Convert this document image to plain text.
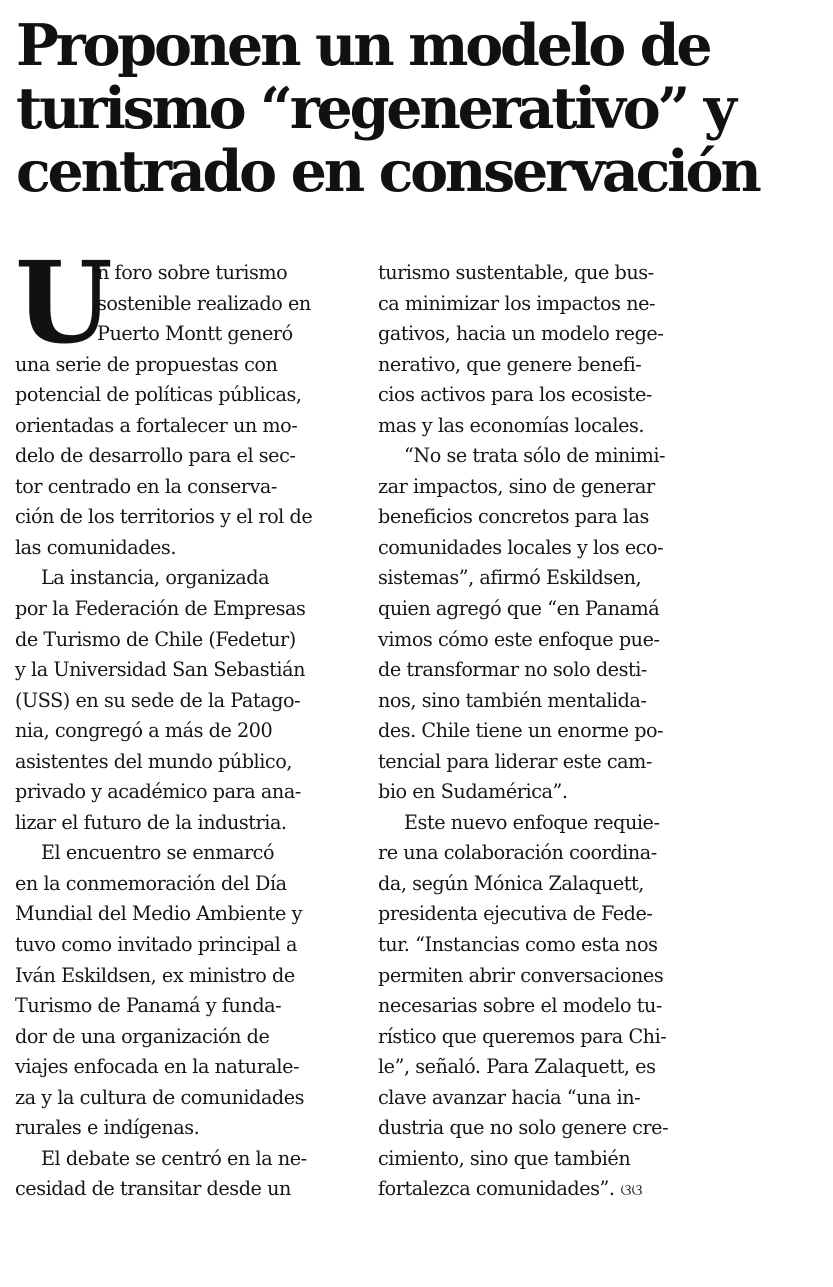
Proponen un modelo de
turismo “regenerativo” y
centrado en conservación
U
n foro sobre turismo
sostenible realizado en
Puerto Montt generó
una serie de propuestas con
potencial de políticas públicas,
orientadas a fortalecer un mo-
delo de desarrollo para el sec-
tor centrado en la conserva-
ción de los territorios y el rol de
las comunidades.
La instancia, organizada
por la Federación de Empresas
de Turismo de Chile (Fedetur)
y la Universidad San Sebastián
(USS) en su sede de la Patago-
nia, congregó a más de 200
asistentes del mundo público,
privado y académico para ana-
lizar el futuro de la industria.
El encuentro se enmarcó
en la conmemoración del Día
Mundial del Medio Ambiente y
tuvo como invitado principal a
Iván Eskildsen, ex ministro de
Turismo de Panamá y funda-
dor de una organización de
viajes enfocada en la naturale-
za y la cultura de comunidades
rurales e indígenas.
El debate se centró en la ne-
cesidad de transitar desde un
turismo sustentable, que bus-
ca minimizar los impactos ne-
gativos, hacia un modelo rege-
nerativo, que genere benefi-
cios activos para los ecosiste-
mas y las economías locales.
“No se trata sólo de minimi-
zar impactos, sino de generar
beneficios concretos para las
comunidades locales y los eco-
sistemas”, afirmó Eskildsen,
quien agregó que “en Panamá
vimos cómo este enfoque pue-
de transformar no solo desti-
nos, sino también mentalida-
des. Chile tiene un enorme po-
tencial para liderar este cam-
bio en Sudamérica”.
Este nuevo enfoque requie-
re una colaboración coordina-
da, según Mónica Zalaquett,
presidenta ejecutiva de Fede-
tur. “Instancias como esta nos
permiten abrir conversaciones
necesarias sobre el modelo tu-
rístico que queremos para Chi-
le”, señaló. Para Zalaquett, es
clave avanzar hacia “una in-
dustria que no solo genere cre-
cimiento, sino que también
fortalezca comunidades”. ଓଓ
